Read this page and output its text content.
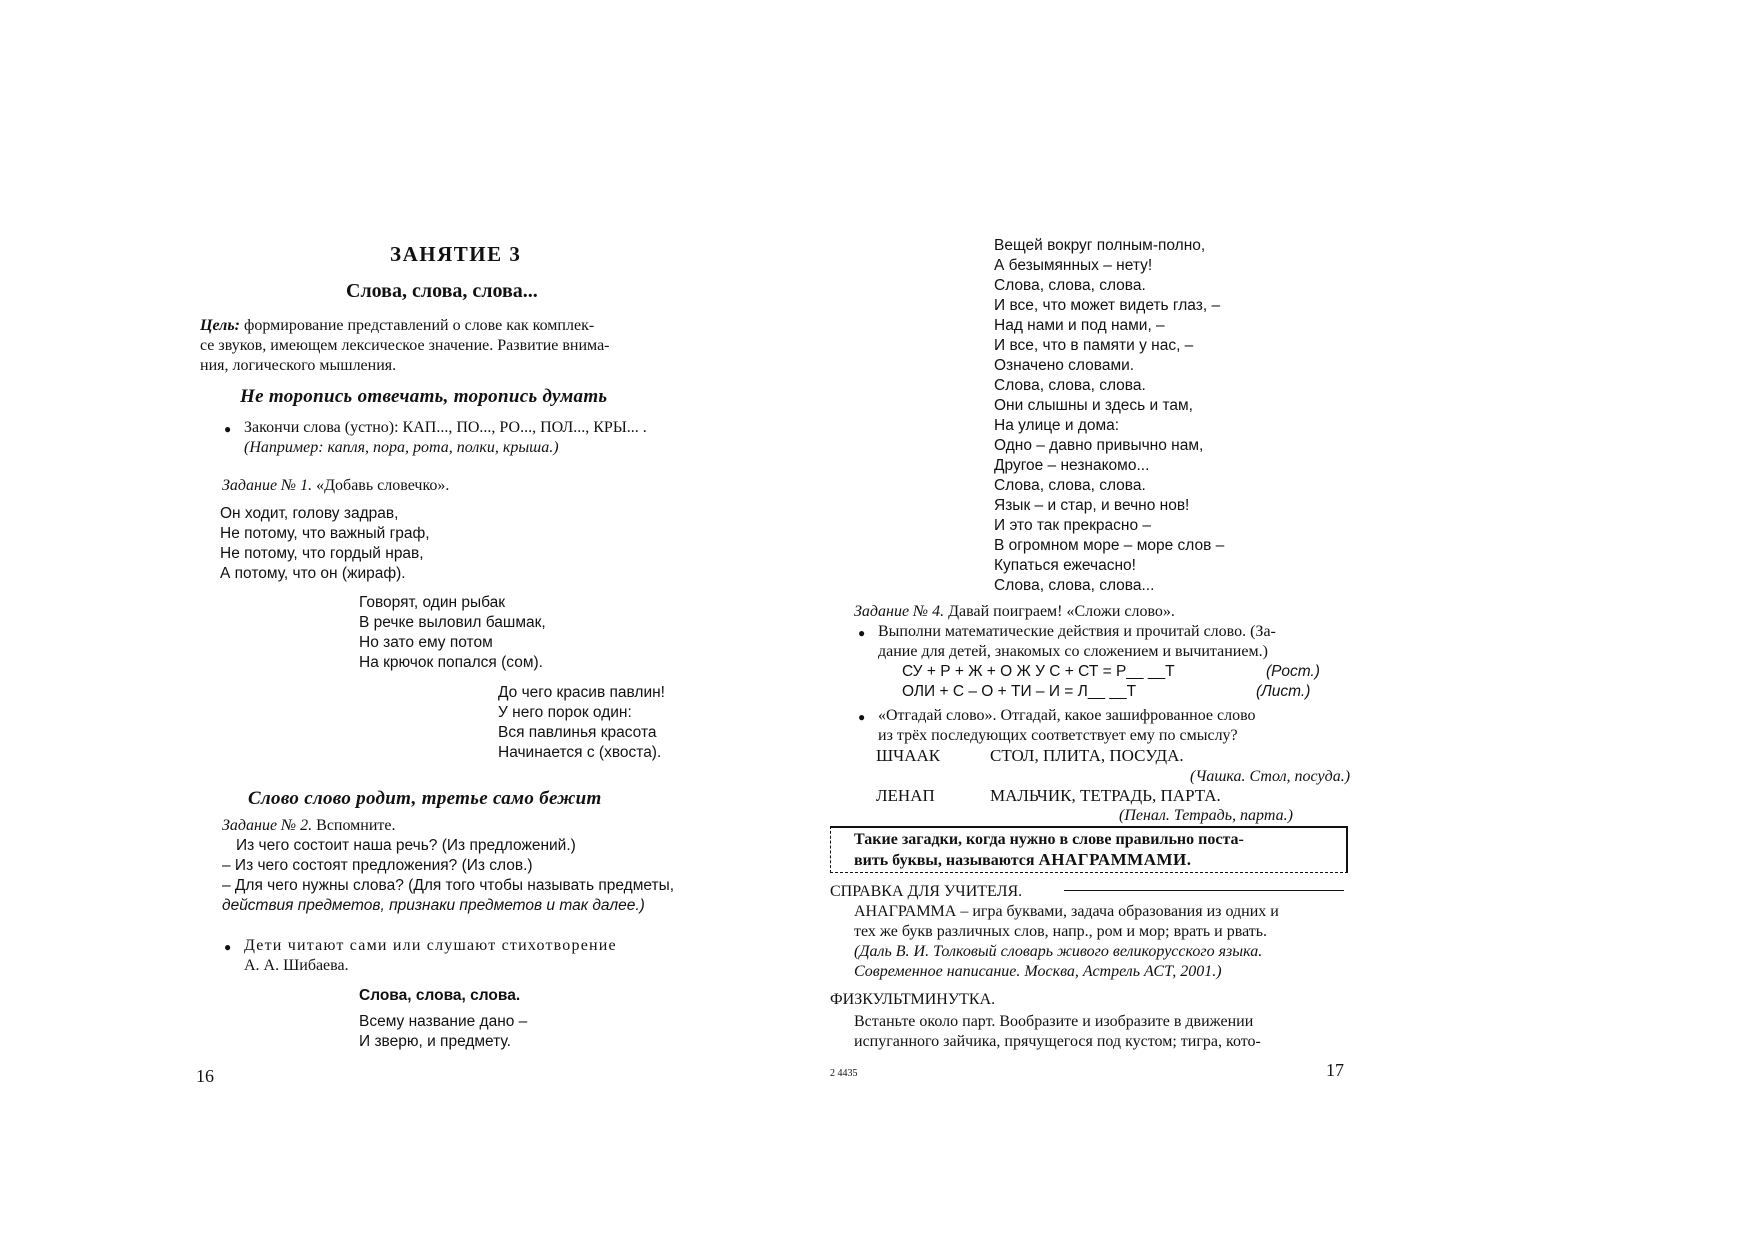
ЗАНЯТИЕ 3
Слова, слова, слова...
Цель: формирование представлений о слове как комплек-
се звуков, имеющем лексическое значение. Развитие внима-
ния, логического мышления.
Не торопись отвечать, торопись думать
● Закончи слова (устно): КАП..., ПО..., РО..., ПОЛ..., КРЫ... .
(Например: капля, пора, рота, полки, крыша.)
Задание № 1. «Добавь словечко».
Он ходит, голову задрав,
Не потому, что важный граф,
Не потому, что гордый нрав,
А потому, что он (жираф).
Говорят, один рыбак
В речке выловил башмак,
Но зато ему потом
На крючок попался (сом).
До чего красив павлин!
У него порок один:
Вся павлинья красота
Начинается с (хвоста).
Слово слово родит, третье само бежит
Задание № 2. Вспомните.
Из чего состоит наша речь? (Из предложений.)
– Из чего состоят предложения? (Из слов.)
– Для чего нужны слова? (Для того чтобы называть предметы,
действия предметов, признаки предметов и так далее.)
● Дети читают сами или слушают стихотворение
А. А. Шибаева.
Слова, слова, слова.
Всему название дано –
И зверю, и предмету.
16
Вещей вокруг полным-полно,
А безымянных – нету!
Слова, слова, слова.
И все, что может видеть глаз, –
Над нами и под нами, –
И все, что в памяти у нас, –
Означено словами.
Слова, слова, слова.
Они слышны и здесь и там,
На улице и дома:
Одно – давно привычно нам,
Другое – незнакомо...
Слова, слова, слова.
Язык – и стар, и вечно нов!
И это так прекрасно –
В огромном море – море слов –
Купаться ежечасно!
Слова, слова, слова...
Задание № 4. Давай поиграем! «Сложи слово».
● Выполни математические действия и прочитай слово. (За-
дание для детей, знакомых со сложением и вычитанием.)
СУ + Р + Ж + О Ж У С + СТ = Р__ __Т	(Рост.)
ОЛИ + С – О + ТИ – И = Л__ __Т	(Лист.)
● «Отгадай слово». Отгадай, какое зашифрованное слово
из трёх последующих соответствует ему по смыслу?
ШЧААК	СТОЛ, ПЛИТА, ПОСУДА.
(Чашка. Стол, посуда.)
ЛЕНАП	МАЛЬЧИК, ТЕТРАДЬ, ПАРТА.
(Пенал. Тетрадь, парта.)
Такие загадки, когда нужно в слове правильно поста-
вить буквы, называются АНАГРАММАМИ.
СПРАВКА ДЛЯ УЧИТЕЛЯ.
АНАГРАММА – игра буквами, задача образования из одних и
тех же букв различных слов, напр., ром и мор; врать и рвать.
(Даль В. И. Толковый словарь живого великорусского языка.
Современное написание. Москва, Астрель АСТ, 2001.)
ФИЗКУЛЬТМИНУТКА.
Встаньте около парт. Вообразите и изобразите в движении
испуганного зайчика, прячущегося под кустом; тигра, кото-
2 4435	17
